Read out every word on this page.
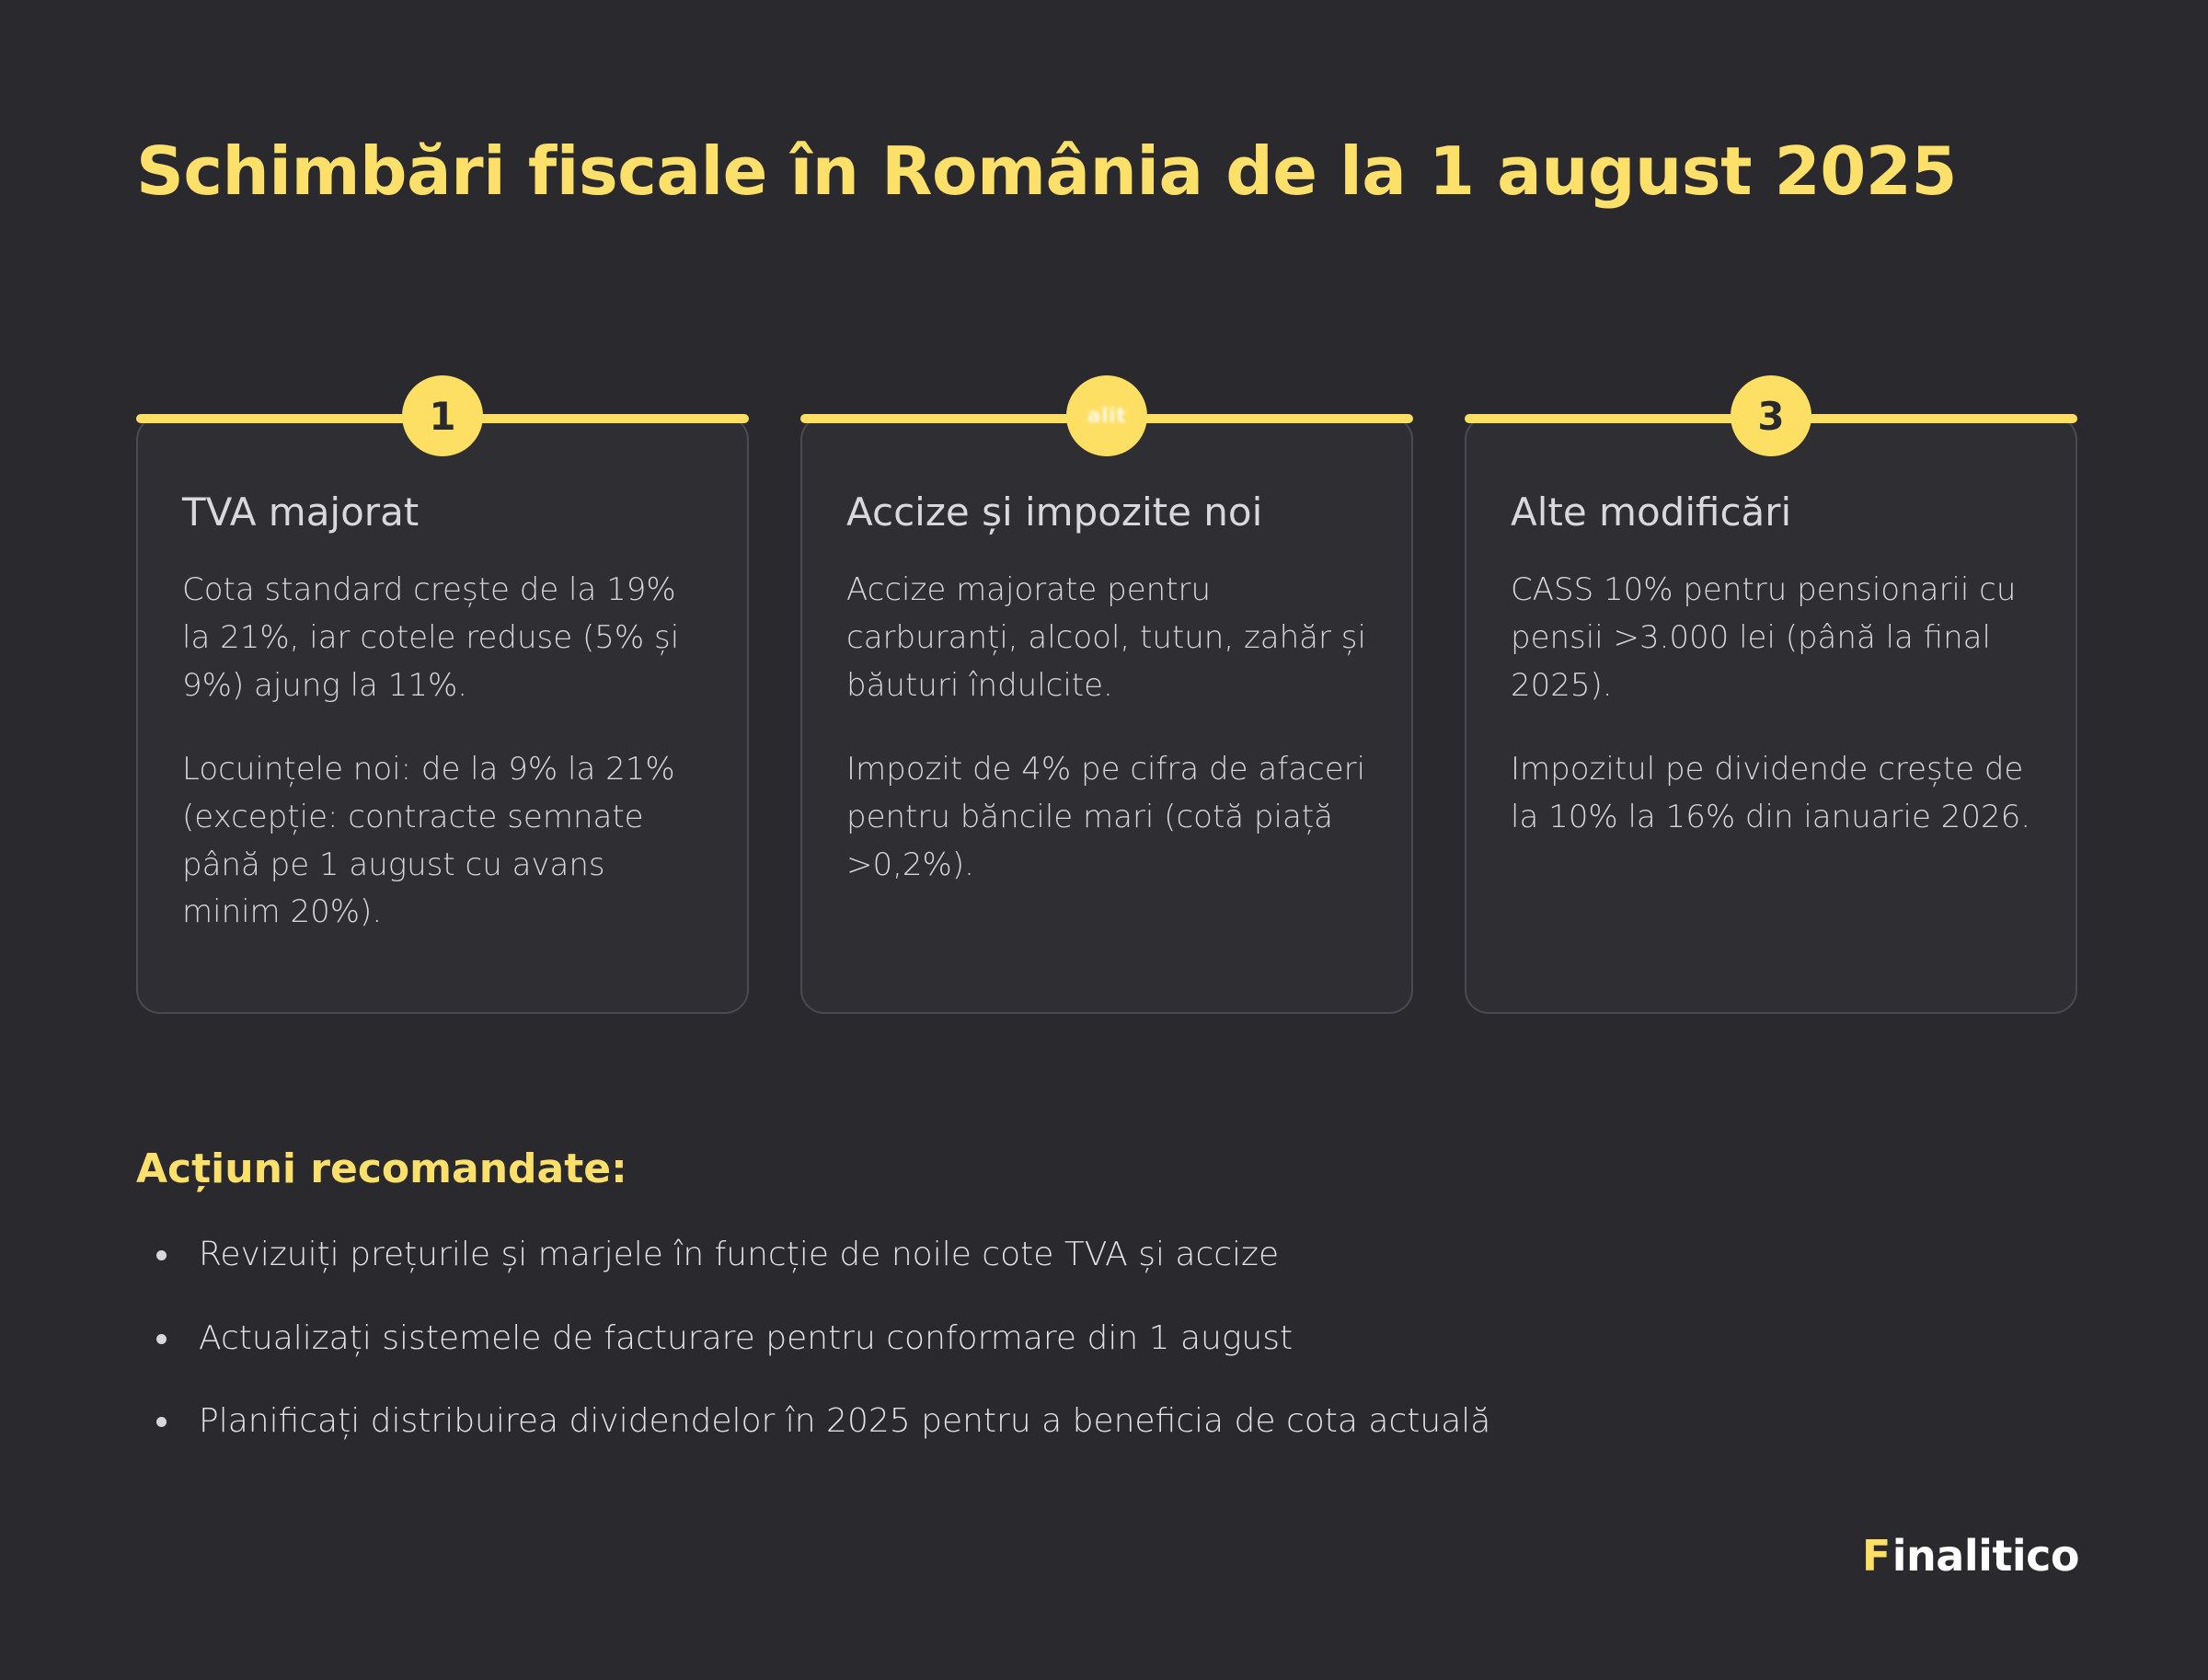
Schimbări fiscale în România de la 1 august 2025
1
TVA majorat

Cota standard crește de la 19% la 21%, iar cotele reduse (5% și 9%) ajung la 11%.

Locuințele noi: de la 9% la 21% (excepție: contracte semnate până pe 1 august cu avans minim 20%).

alit
Accize și impozite noi

Accize majorate pentru carburanți, alcool, tutun, zahăr și băuturi îndulcite.

Impozit de 4% pe cifra de afaceri pentru băncile mari (cotă piață >0,2%).

3
Alte modificări

CASS 10% pentru pensionarii cu pensii >3.000 lei (până la final 2025).

Impozitul pe dividende crește de la 10% la 16% din ianuarie 2026.

Acțiuni recomandate:
Revizuiți prețurile și marjele în funcție de noile cote TVA și accize
Actualizați sistemele de facturare pentru conformare din 1 august
Planificați distribuirea dividendelor în 2025 pentru a beneficia de cota actuală
F inalitico
